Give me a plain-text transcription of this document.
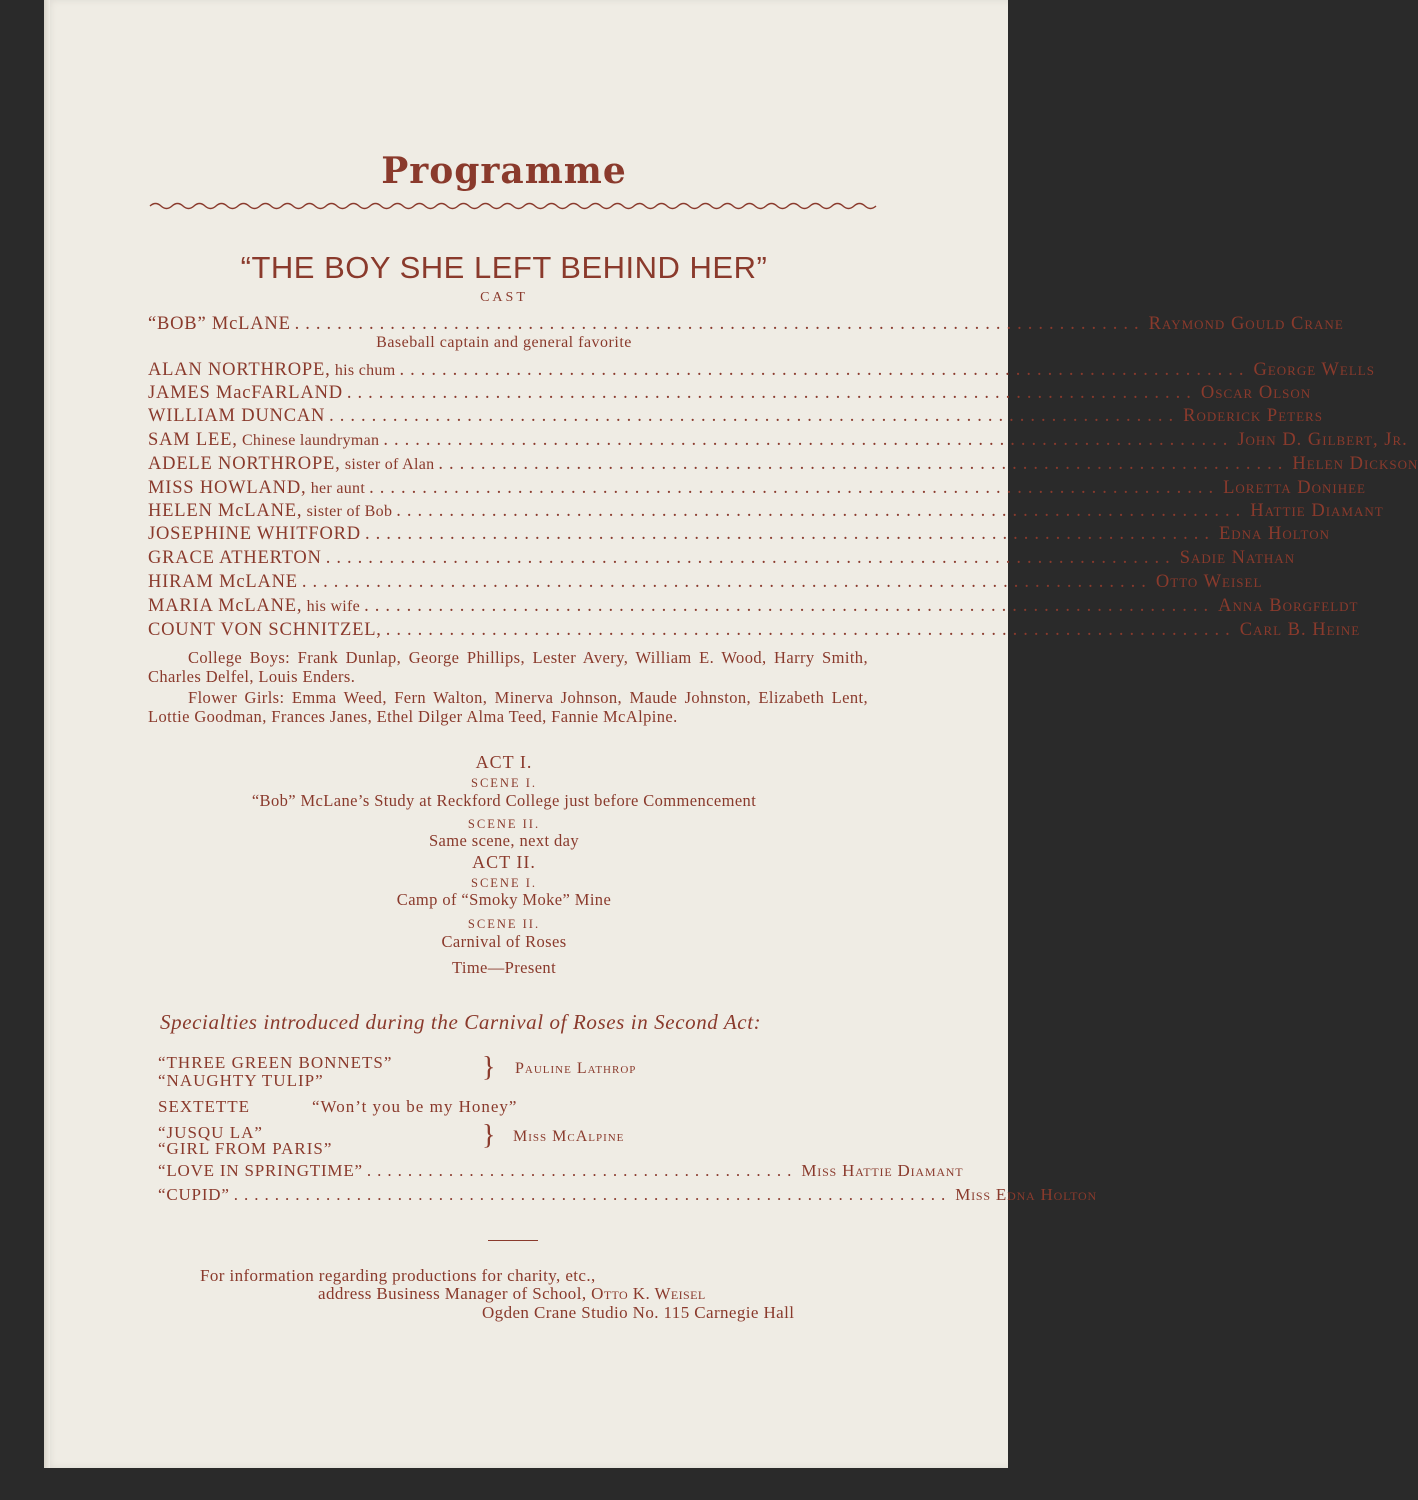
Programme
“THE BOY SHE LEFT BEHIND HER”
CAST
“BOB” McLANE ................................................................................ Raymond Gould Crane
ALAN NORTHROPE, his chum ................................................................................ George Wells
JAMES MacFARLAND ................................................................................ Oscar Olson
WILLIAM DUNCAN ................................................................................ Roderick Peters
SAM LEE, Chinese laundryman ................................................................................ John D. Gilbert, Jr.
ADELE NORTHROPE, sister of Alan ................................................................................ Helen Dickson
MISS HOWLAND, her aunt ................................................................................ Loretta Donihee
HELEN McLANE, sister of Bob ................................................................................ Hattie Diamant
JOSEPHINE WHITFORD ................................................................................ Edna Holton
GRACE ATHERTON ................................................................................ Sadie Nathan
HIRAM McLANE ................................................................................ Otto Weisel
MARIA McLANE, his wife ................................................................................ Anna Borgfeldt
COUNT VON SCHNITZEL, ................................................................................ Carl B. Heine
Baseball captain and general favorite
College Boys: Frank Dunlap, George Phillips, Lester Avery, William E. Wood, Harry Smith, Charles Delfel, Louis Enders.
Flower Girls: Emma Weed, Fern Walton, Minerva Johnson, Maude Johnston, Elizabeth Lent, Lottie Goodman, Frances Janes, Ethel Dilger Alma Teed, Fannie McAlpine.
ACT I.
SCENE I.
“Bob” McLane’s Study at Reckford College just before Commencement
SCENE II.
Same scene, next day
ACT II.
SCENE I.
Camp of “Smoky Moke” Mine
SCENE II.
Carnival of Roses
Time—Present
Specialties introduced during the Carnival of Roses in Second Act:
“THREE GREEN BONNETS”
“NAUGHTY TULIP”	} Pauline Lathrop
SEXTETTE	“Won’t you be my Honey”
“JUSQU LA”
“GIRL FROM PARIS”	} Miss McAlpine
“LOVE IN SPRINGTIME” .......................................... Miss Hattie Diamant
“CUPID” ...................................................................... Miss Edna Holton
For information regarding productions for charity, etc.,
address Business Manager of School, Otto K. Weisel
Ogden Crane Studio No. 115 Carnegie Hall
